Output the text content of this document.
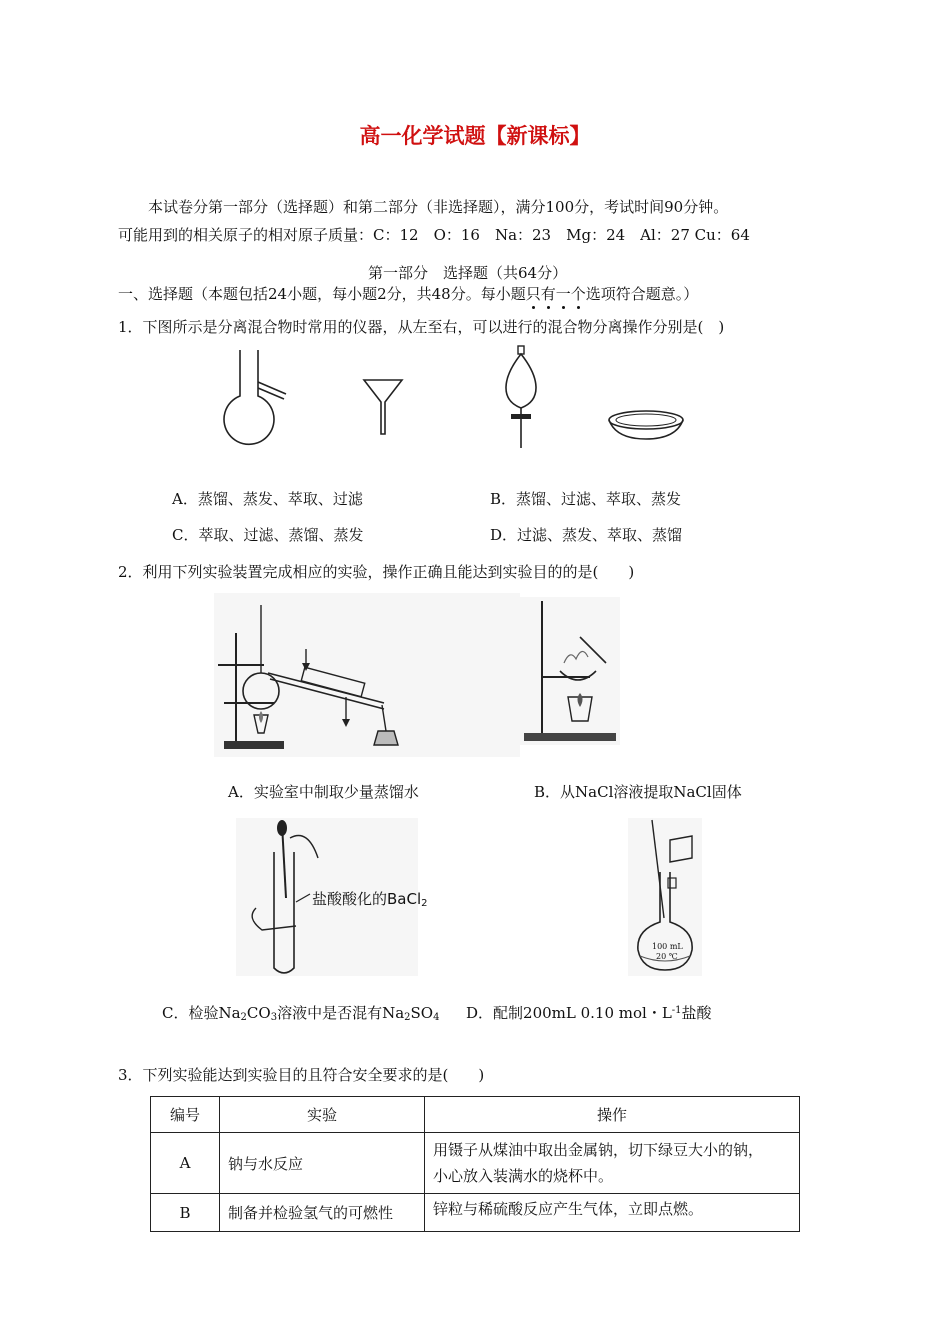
高一化学试题【新课标】
本试卷分第一部分（选择题）和第二部分（非选择题），满分100分，考试时间90分钟。
可能用到的相关原子的相对原子质量：C：12　O：16　Na：23　Mg：24　Al：27 Cu：64
第一部分　选择题（共64分）
一、选择题（本题包括24小题，每小题2分，共48分。每小题只有一个选项符合题意。）
1．下图所示是分离混合物时常用的仪器，从左至右，可以进行的混合物分离操作分别是(　)
A．蒸馏、蒸发、萃取、过滤	B．蒸馏、过滤、萃取、蒸发
C．萃取、过滤、蒸馏、蒸发	D．过滤、蒸发、萃取、蒸馏
2．利用下列实验装置完成相应的实验，操作正确且能达到实验目的的是(　　)
A．实验室中制取少量蒸馏水	B．从NaCl溶液提取NaCl固体
盐酸酸化的BaCl$_2$
100 mL
20 ℃
C．检验$Na_2CO_3$溶液中是否混有$Na_2SO_4$ D．配制200mL 0.10 mol・$L^{-1}$盐酸
3．下列实验能达到实验目的且符合安全要求的是(　　)
编号	实验	操作
A	钠与水反应	用镊子从煤油中取出金属钠，切下绿豆大小的钠，
小心放入装满水的烧杯中。

B	制备并检验氢气的可燃性	锌粒与稀硫酸反应产生气体，立即点燃。
